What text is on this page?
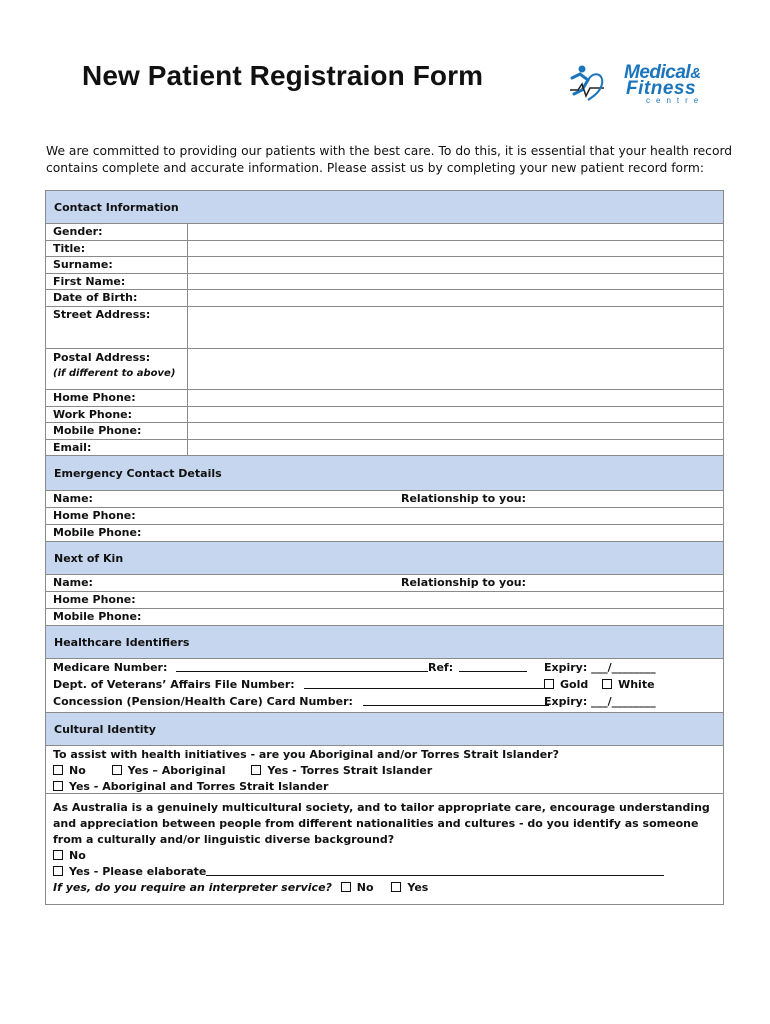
New Patient Registraion Form	Medical&
Fitness
centre
We are committed to providing our patients with the best care. To do this, it is essential that your health record contains complete and accurate information. Please assist us by completing your new patient record form:
Contact Information
Gender:
Title:
Surname:
First Name:
Date of Birth:
Street Address:
Postal Address:
(if different to above)
Home Phone:
Work Phone:
Mobile Phone:
Email:
Emergency Contact Details
Name:	Relationship to you:
Home Phone:
Mobile Phone:
Next of Kin
Name:	Relationship to you:
Home Phone:
Mobile Phone:
Healthcare Identifiers
Medicare Number:	Ref:	Expiry: ___/________
Dept. of Veterans’ Affairs File Number:	Gold	White
Concession (Pension/Health Care) Card Number:	Expiry: ___/________
Cultural Identity
To assist with health initiatives - are you Aboriginal and/or Torres Strait Islander?
No	Yes – Aboriginal	Yes - Torres Strait Islander Yes - Aboriginal and Torres Strait Islander
As Australia is a genuinely multicultural society, and to tailor appropriate care, encourage understanding and appreciation between people from different nationalities and cultures - do you identify as someone from a culturally and/or linguistic diverse background?
No
Yes - Please elaborate
If yes, do you require an interpreter service? No	Yes
